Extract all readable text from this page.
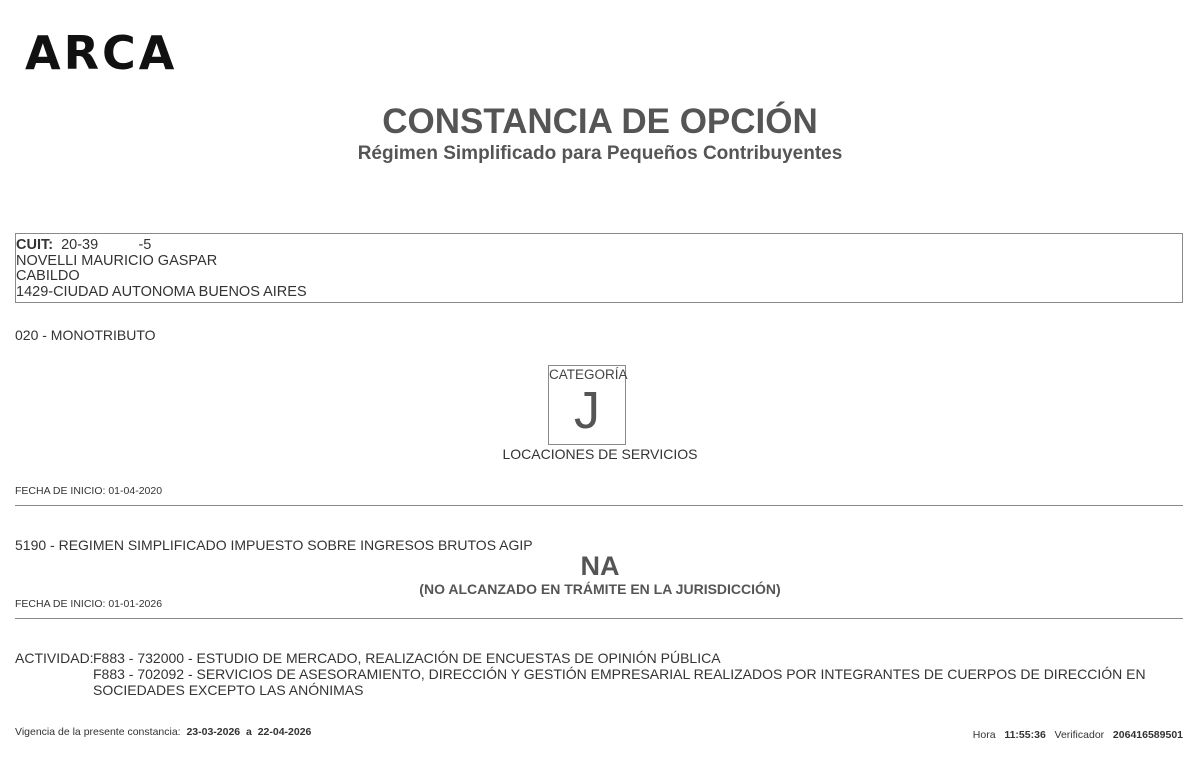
ARCA
CONSTANCIA DE OPCIÓN
Régimen Simplificado para Pequeños Contribuyentes
CUIT: 20-39          -5
NOVELLI MAURICIO GASPAR
CABILDO
1429-CIUDAD AUTONOMA BUENOS AIRES
020 - MONOTRIBUTO
CATEGORÍA
J
LOCACIONES DE SERVICIOS
FECHA DE INICIO: 01-04-2020
5190 - REGIMEN SIMPLIFICADO IMPUESTO SOBRE INGRESOS BRUTOS AGIP
NA
(NO ALCANZADO EN TRÁMITE EN LA JURISDICCIÓN)
FECHA DE INICIO: 01-01-2026
ACTIVIDAD: F883 - 732000 - ESTUDIO DE MERCADO, REALIZACIÓN DE ENCUESTAS DE OPINIÓN PÚBLICA
F883 - 702092 - SERVICIOS DE ASESORAMIENTO, DIRECCIÓN Y GESTIÓN EMPRESARIAL REALIZADOS POR INTEGRANTES DE CUERPOS DE DIRECCIÓN EN
SOCIEDADES EXCEPTO LAS ANÓNIMAS
Vigencia de la presente constancia: 23-03-2026 a 22-04-2026	Hora 11:55:36 Verificador 206416589501
